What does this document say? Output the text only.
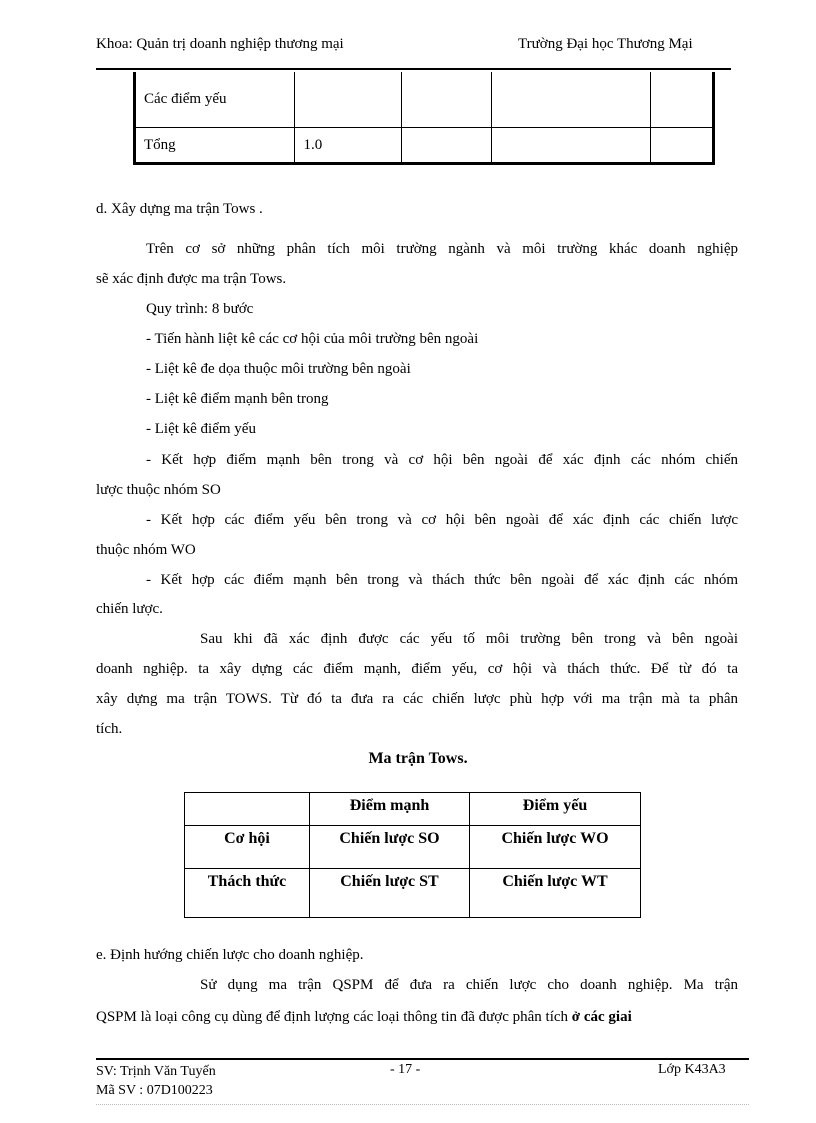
Khoa: Quản trị doanh nghiệp thương mại	Trường Đại học Thương Mại
Các điểm yếu				
Tổng	1.0			
d. Xây dựng ma trận Tows .
Trên cơ sở những phân tích môi trường ngành và môi trường khác doanh nghiệp
sẽ xác định được ma trận Tows.
Quy trình: 8 bước
- Tiến hành liệt kê các cơ hội của môi trường bên ngoài
- Liệt kê đe dọa thuộc môi trường bên ngoài
- Liệt kê điểm mạnh bên trong
- Liệt kê điểm yếu
- Kết hợp điểm mạnh bên trong và cơ hội bên ngoài để xác định các nhóm chiến
lược thuộc nhóm SO
- Kết hợp các điểm yếu bên trong và cơ hội bên ngoài để xác định các chiến lược
thuộc nhóm WO
- Kết hợp các điểm mạnh bên trong và thách thức bên ngoài để xác định các nhóm
chiến lược.
Sau khi đã xác định được các yếu tố môi trường bên trong và bên ngoài
doanh nghiệp. ta xây dựng các điểm mạnh, điểm yếu, cơ hội và thách thức. Để từ đó ta
xây dựng ma trận TOWS. Từ đó ta đưa ra các chiến lược phù hợp với ma trận mà ta phân
tích.
Ma trận Tows.
	Điểm mạnh	Điểm yếu
Cơ hội	Chiến lược SO	Chiến lược WO
Thách thức	Chiến lược ST	Chiến lược WT
e. Định hướng chiến lược cho doanh nghiệp.
Sử dụng ma trận QSPM để đưa ra chiến lược cho doanh nghiệp. Ma trận
QSPM là loại công cụ dùng để định lượng các loại thông tin đã được phân tích ở các giai
SV: Trịnh Văn Tuyến
Mã SV : 07D100223
- 17 -	Lớp K43A3
